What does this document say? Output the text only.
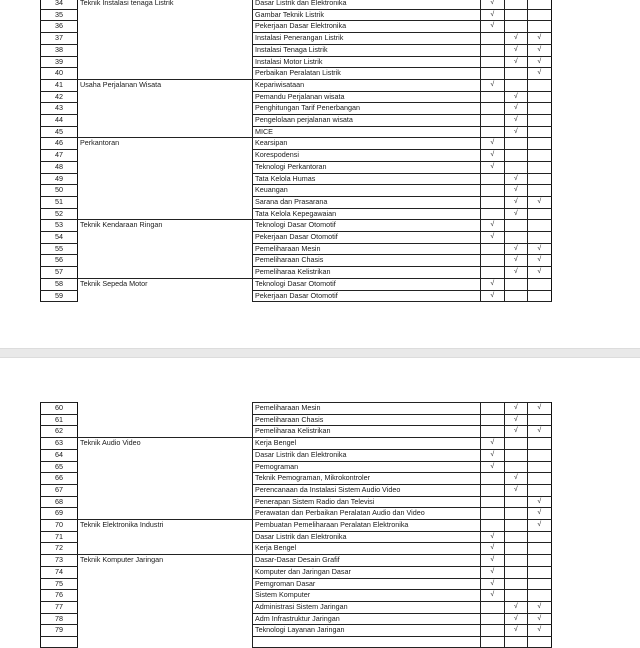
34	Teknik Instalasi tenaga Listrik	Dasar Listrik dan Elektronika	√		
35		Gambar Teknik Listrik	√		
36		Pekerjaan Dasar Elektronika	√		
37		Instalasi Penerangan Listrik		√	√
38		Instalasi Tenaga Listrik		√	√
39		Instalasi Motor Listrik		√	√
40		Perbaikan Peralatan Listrik			√
41	Usaha Perjalanan Wisata	Kepariwisataan	√		
42		Pemandu Perjalanan wisata		√	
43		Penghitungan Tarif Penerbangan		√	
44		Pengelolaan perjalanan wisata		√	
45		MICE		√	
46	Perkantoran	Kearsipan	√		
47		Korespodensi	√		
48		Teknologi Perkantoran	√		
49		Tata Kelola Humas		√	
50		Keuangan		√	
51		Sarana dan Prasarana		√	√
52		Tata Kelola Kepegawaian		√	
53	Teknik Kendaraan Ringan	Teknologi Dasar Otomotif	√		
54		Pekerjaan Dasar Otomotif	√		
55		Pemeliharaan Mesin		√	√
56		Pemeliharaan Chasis		√	√
57		Pemeliharaa Kelistrikan		√	√
58	Teknik Sepeda Motor	Teknologi Dasar Otomotif	√		
59		Pekerjaan Dasar Otomotif	√		
60		Pemeliharaan Mesin		√	√
61		Pemeliharaan Chasis		√	
62		Pemeliharaa Kelistrikan		√	√
63	Teknik Audio Video	Kerja Bengel	√		
64		Dasar Listrik dan Elektronika	√		
65		Pemograman	√		
66		Teknik Pemograman, Mikrokontroler		√	
67		Perencanaan da Instalasi Sistem Audio Video		√	
68		Penerapan Sistem Radio dan Televisi			√
69		Perawatan dan Perbaikan Peralatan Audio dan Video			√
70	Teknik Elektronika Industri	Pembuatan Pemeliharaan Peralatan Elektronika			√
71		Dasar Listrik dan Elektronika	√		
72		Kerja Bengel	√		
73	Teknik Komputer Jaringan	Dasar-Dasar Desain Grafif	√		
74		Komputer dan Jaringan Dasar	√		
75		Pemgroman Dasar	√		
76		Sistem Komputer	√		
77		Administrasi Sistem Jaringan		√	√
78		Adm Infrastruktur Jaringan		√	√
79		Teknologi Layanan Jaringan		√	√
